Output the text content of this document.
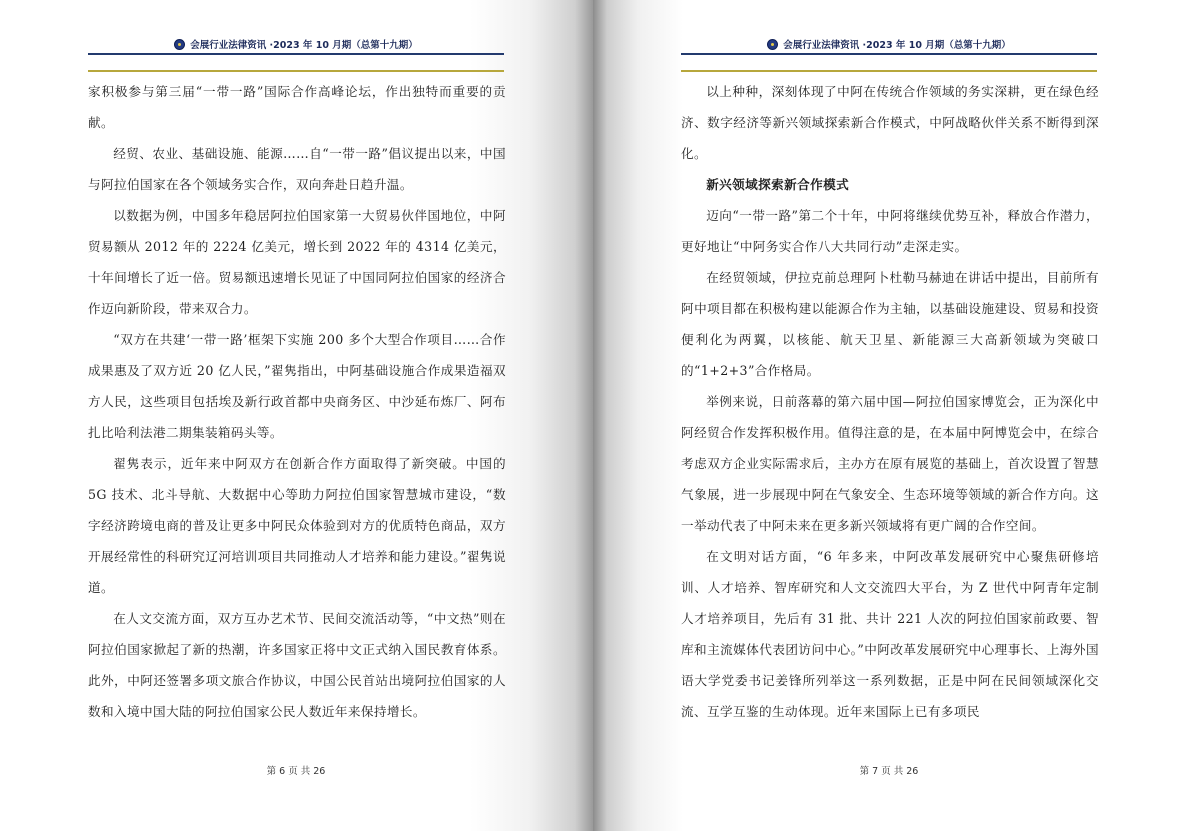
会展行业法律资讯 ·2023 年 10 月期（总第十九期）

家积极参与第三届“一带一路”国际合作高峰论坛，作出独特而重要的贡献。

经贸、农业、基础设施、能源……自“一带一路”倡议提出以来，中国与阿拉伯国家在各个领域务实合作，双向奔赴日趋升温。

以数据为例，中国多年稳居阿拉伯国家第一大贸易伙伴国地位，中阿贸易额从 2012 年的 2224 亿美元，增长到 2022 年的 4314 亿美元，十年间增长了近一倍。贸易额迅速增长见证了中国同阿拉伯国家的经济合作迈向新阶段，带来双合力。

“双方在共建‘一带一路’框架下实施 200 多个大型合作项目……合作成果惠及了双方近 20 亿人民，”翟隽指出，中阿基础设施合作成果造福双方人民，这些项目包括埃及新行政首都中央商务区、中沙延布炼厂、阿布扎比哈利法港二期集装箱码头等。

翟隽表示，近年来中阿双方在创新合作方面取得了新突破。中国的 5G 技术、北斗导航、大数据中心等助力阿拉伯国家智慧城市建设，“数字经济跨境电商的普及让更多中阿民众体验到对方的优质特色商品，双方开展经常性的科研究辽河培训项目共同推动人才培养和能力建设。”翟隽说道。

在人文交流方面，双方互办艺术节、民间交流活动等，“中文热”则在阿拉伯国家掀起了新的热潮，许多国家正将中文正式纳入国民教育体系。此外，中阿还签署多项文旅合作协议，中国公民首站出境阿拉伯国家的人数和入境中国大陆的阿拉伯国家公民人数近年来保持增长。

第 6 页 共 26
会展行业法律资讯 ·2023 年 10 月期（总第十九期）

以上种种，深刻体现了中阿在传统合作领域的务实深耕，更在绿色经济、数字经济等新兴领域探索新合作模式，中阿战略伙伴关系不断得到深化。

新兴领域探索新合作模式

迈向“一带一路”第二个十年，中阿将继续优势互补，释放合作潜力，更好地让“中阿务实合作八大共同行动”走深走实。

在经贸领域，伊拉克前总理阿卜杜勒马赫迪在讲话中提出，目前所有阿中项目都在积极构建以能源合作为主轴，以基础设施建设、贸易和投资便利化为两翼，以核能、航天卫星、新能源三大高新领域为突破口的“1+2+3”合作格局。

举例来说，日前落幕的第六届中国—阿拉伯国家博览会，正为深化中阿经贸合作发挥积极作用。值得注意的是，在本届中阿博览会中，在综合考虑双方企业实际需求后，主办方在原有展览的基础上，首次设置了智慧气象展，进一步展现中阿在气象安全、生态环境等领域的新合作方向。这一举动代表了中阿未来在更多新兴领域将有更广阔的合作空间。

在文明对话方面，“6 年多来，中阿改革发展研究中心聚焦研修培训、人才培养、智库研究和人文交流四大平台，为 Z 世代中阿青年定制人才培养项目，先后有 31 批、共计 221 人次的阿拉伯国家前政要、智库和主流媒体代表团访问中心。”中阿改革发展研究中心理事长、上海外国语大学党委书记姜锋所列举这一系列数据，正是中阿在民间领域深化交流、互学互鉴的生动体现。近年来国际上已有多项民

第 7 页 共 26
